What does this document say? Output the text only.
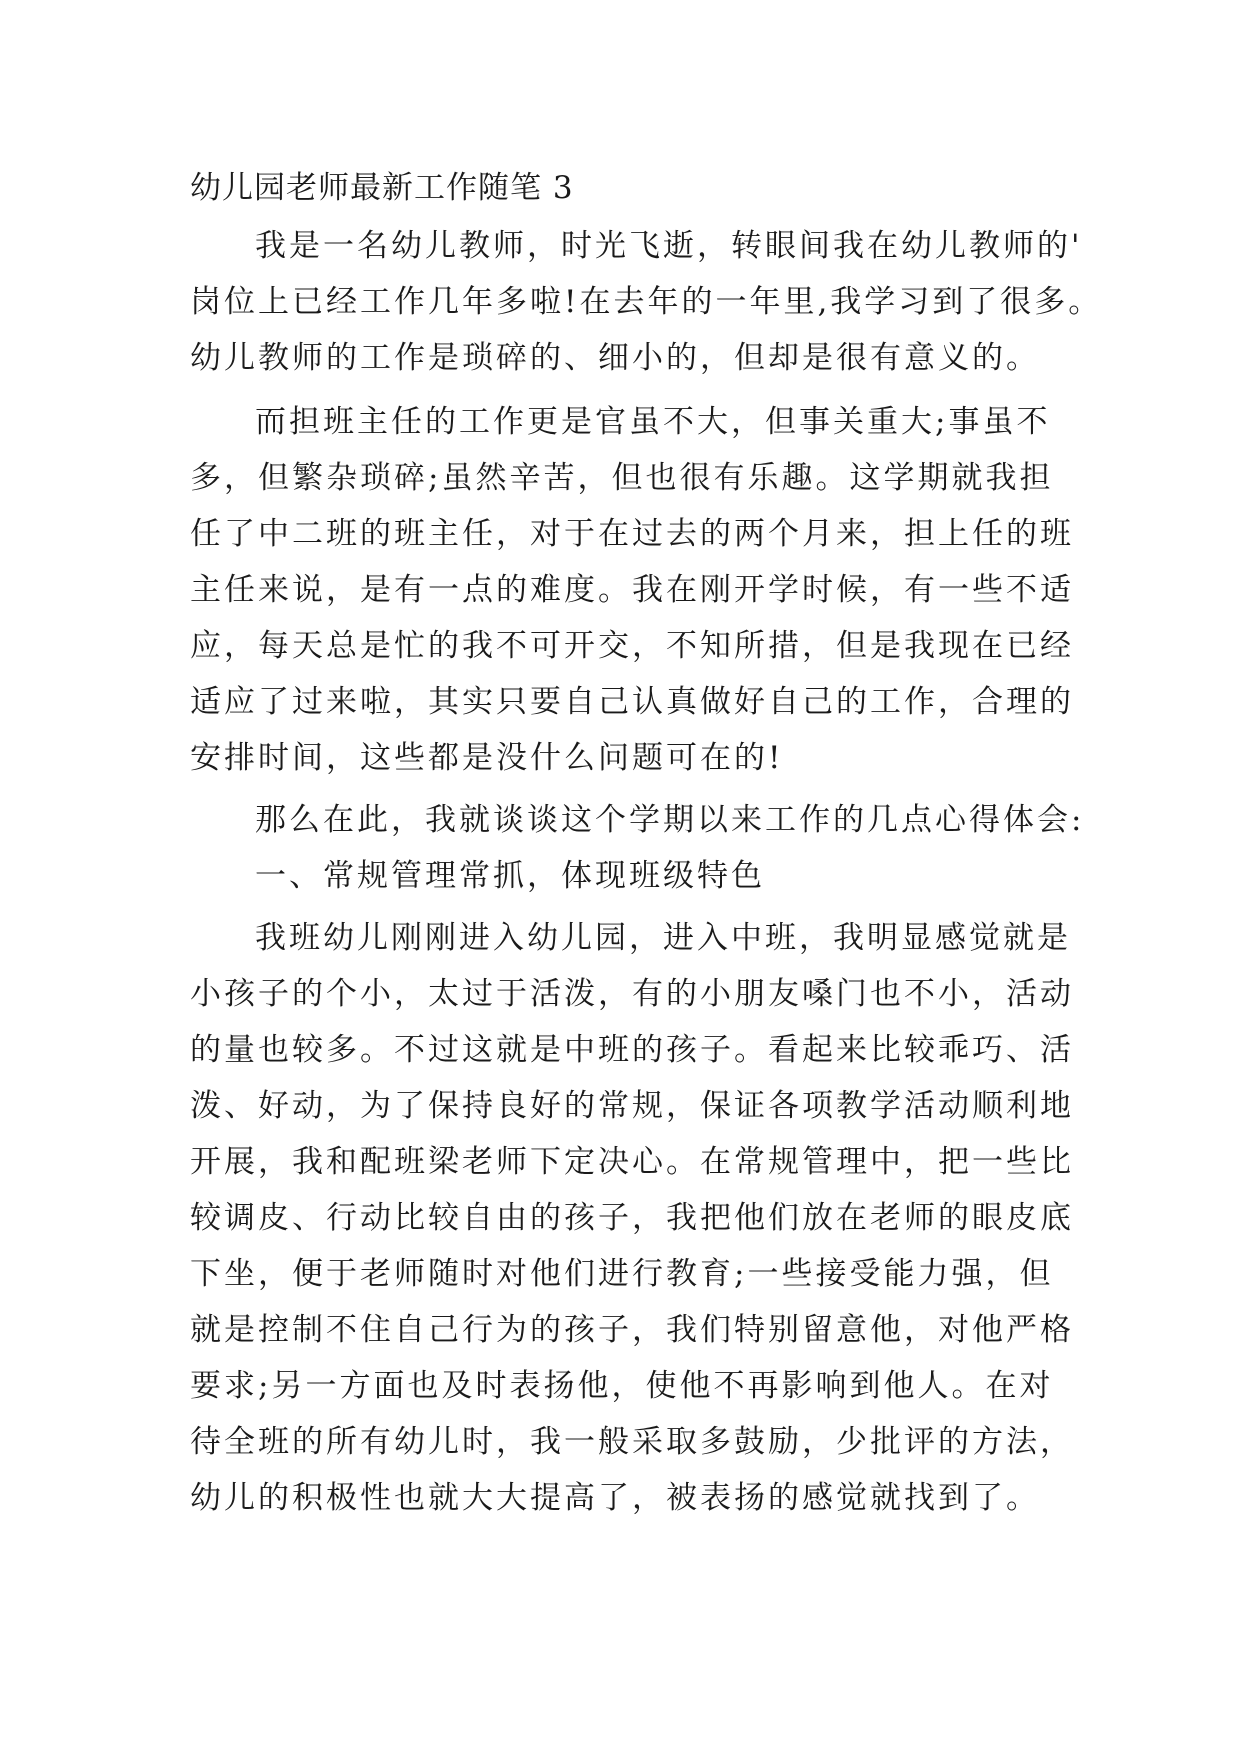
幼儿园老师最新工作随笔 3
我是一名幼儿教师，时光飞逝，转眼间我在幼儿教师的'
岗位上已经工作几年多啦!在去年的一年里,我学习到了很多。
幼儿教师的工作是琐碎的、细小的，但却是很有意义的。
而担班主任的工作更是官虽不大，但事关重大;事虽不
多，但繁杂琐碎;虽然辛苦，但也很有乐趣。这学期就我担
任了中二班的班主任，对于在过去的两个月来，担上任的班
主任来说，是有一点的难度。我在刚开学时候，有一些不适
应，每天总是忙的我不可开交，不知所措，但是我现在已经
适应了过来啦，其实只要自己认真做好自己的工作，合理的
安排时间，这些都是没什么问题可在的!
那么在此，我就谈谈这个学期以来工作的几点心得体会:
一、常规管理常抓，体现班级特色
我班幼儿刚刚进入幼儿园，进入中班，我明显感觉就是
小孩子的个小，太过于活泼，有的小朋友嗓门也不小，活动
的量也较多。不过这就是中班的孩子。看起来比较乖巧、活
泼、好动，为了保持良好的常规，保证各项教学活动顺利地
开展，我和配班梁老师下定决心。在常规管理中，把一些比
较调皮、行动比较自由的孩子，我把他们放在老师的眼皮底
下坐，便于老师随时对他们进行教育;一些接受能力强，但
就是控制不住自己行为的孩子，我们特别留意他，对他严格
要求;另一方面也及时表扬他，使他不再影响到他人。在对
待全班的所有幼儿时，我一般采取多鼓励，少批评的方法，
幼儿的积极性也就大大提高了，被表扬的感觉就找到了。
